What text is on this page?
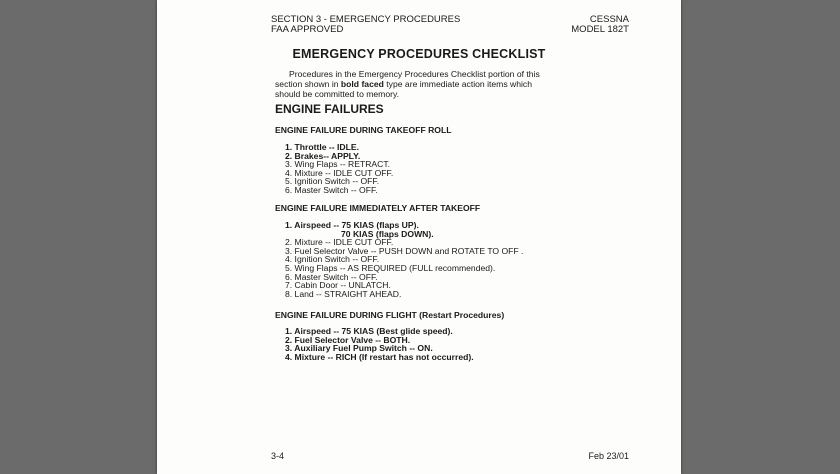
SECTION 3 - EMERGENCY PROCEDURES
FAA APPROVED
CESSNA
MODEL 182T
EMERGENCY PROCEDURES CHECKLIST
Procedures in the Emergency Procedures Checklist portion of this section shown in bold faced type are immediate action items which should be committed to memory.
ENGINE FAILURES
ENGINE FAILURE DURING TAKEOFF ROLL
1. Throttle -- IDLE.
2. Brakes-- APPLY.
3. Wing Flaps -- RETRACT.
4. Mixture -- IDLE CUT OFF.
5. Ignition Switch -- OFF.
6. Master Switch -- OFF.
ENGINE FAILURE IMMEDIATELY AFTER TAKEOFF
1. Airspeed -- 75 KIAS (flaps UP).
70 KIAS (flaps DOWN).
2. Mixture -- IDLE CUT OFF.
3. Fuel Selector Valve -- PUSH DOWN and ROTATE TO OFF .
4. Ignition Switch -- OFF.
5. Wing Flaps -- AS REQUIRED (FULL recommended).
6. Master Switch -- OFF.
7. Cabin Door -- UNLATCH.
8. Land -- STRAIGHT AHEAD.
ENGINE FAILURE DURING FLIGHT (Restart Procedures)
1. Airspeed -- 75 KIAS (Best glide speed).
2. Fuel Selector Valve -- BOTH.
3. Auxiliary Fuel Pump Switch -- ON.
4. Mixture -- RICH (If restart has not occurred).
3-4	Feb 23/01
